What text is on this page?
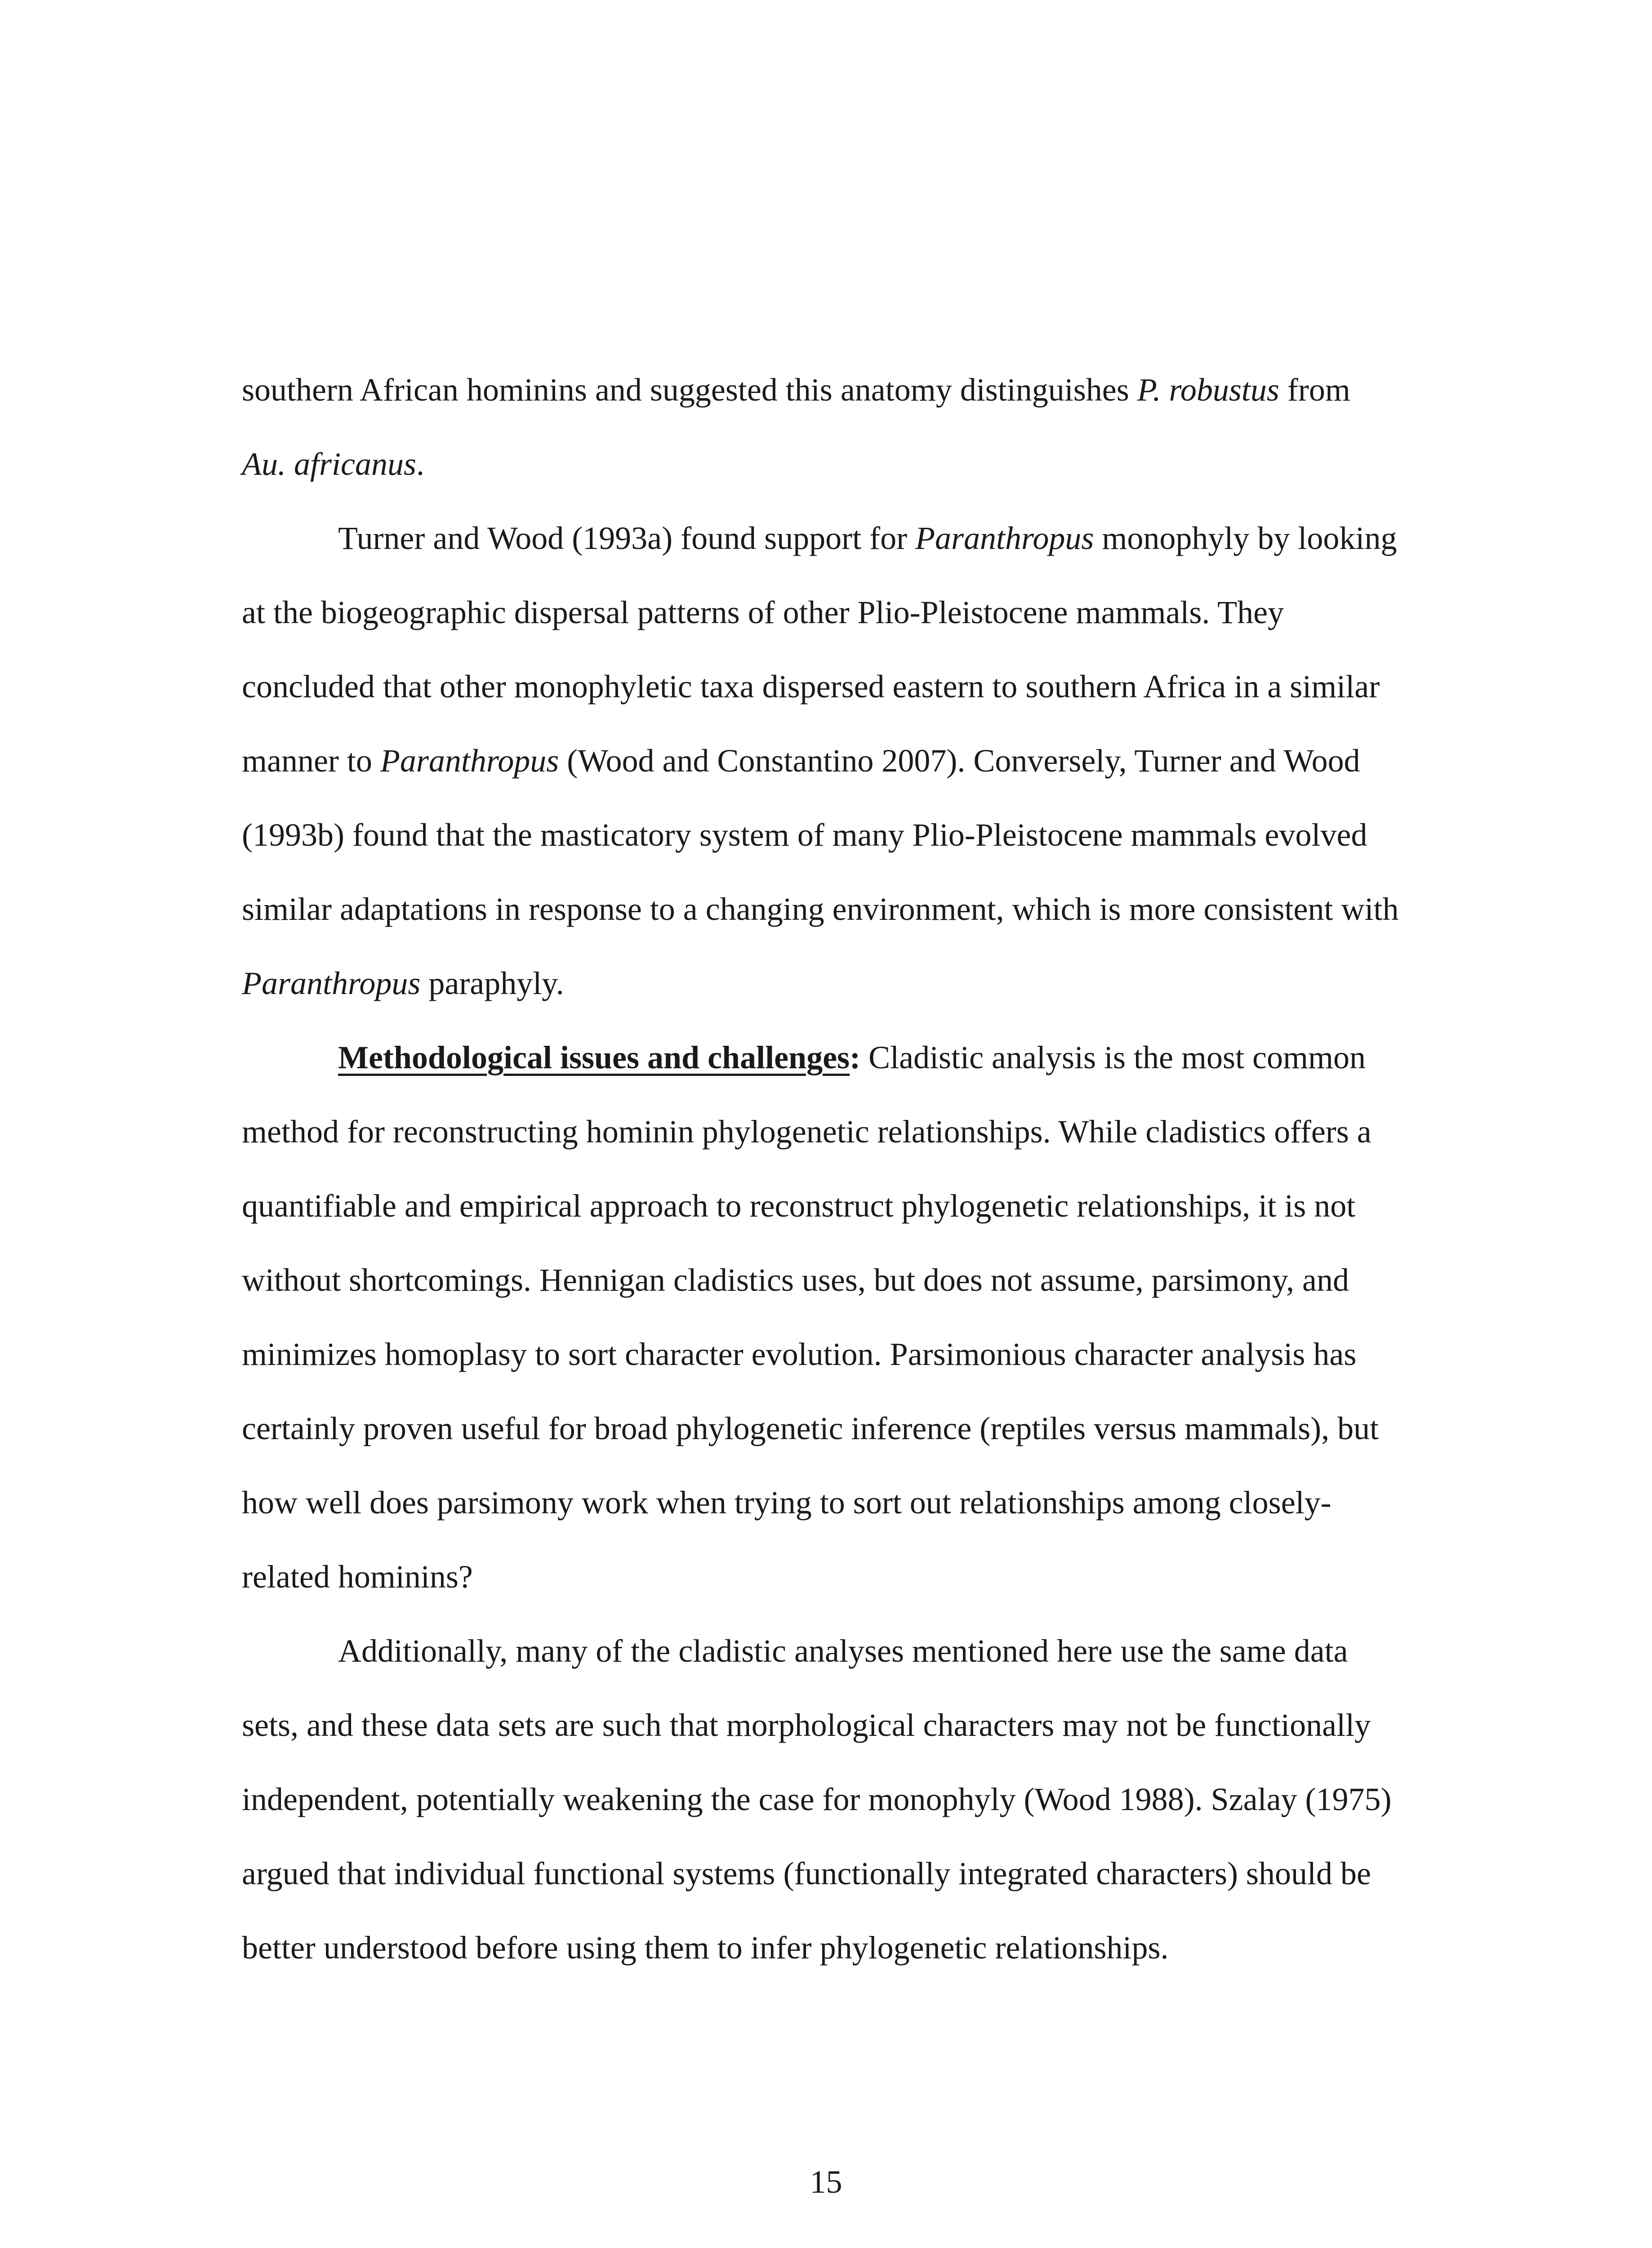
southern African hominins and suggested this anatomy distinguishes P. robustus from

Au. africanus.

Turner and Wood (1993a) found support for Paranthropus monophyly by looking

at the biogeographic dispersal patterns of other Plio-Pleistocene mammals. They

concluded that other monophyletic taxa dispersed eastern to southern Africa in a similar

manner to Paranthropus (Wood and Constantino 2007). Conversely, Turner and Wood

(1993b) found that the masticatory system of many Plio-Pleistocene mammals evolved

similar adaptations in response to a changing environment, which is more consistent with

Paranthropus paraphyly.

Methodological issues and challenges: Cladistic analysis is the most common

method for reconstructing hominin phylogenetic relationships. While cladistics offers a

quantifiable and empirical approach to reconstruct phylogenetic relationships, it is not

without shortcomings. Hennigan cladistics uses, but does not assume, parsimony, and

minimizes homoplasy to sort character evolution. Parsimonious character analysis has

certainly proven useful for broad phylogenetic inference (reptiles versus mammals), but

how well does parsimony work when trying to sort out relationships among closely-

related hominins?

Additionally, many of the cladistic analyses mentioned here use the same data

sets, and these data sets are such that morphological characters may not be functionally

independent, potentially weakening the case for monophyly (Wood 1988). Szalay (1975)

argued that individual functional systems (functionally integrated characters) should be

better understood before using them to infer phylogenetic relationships.

15
